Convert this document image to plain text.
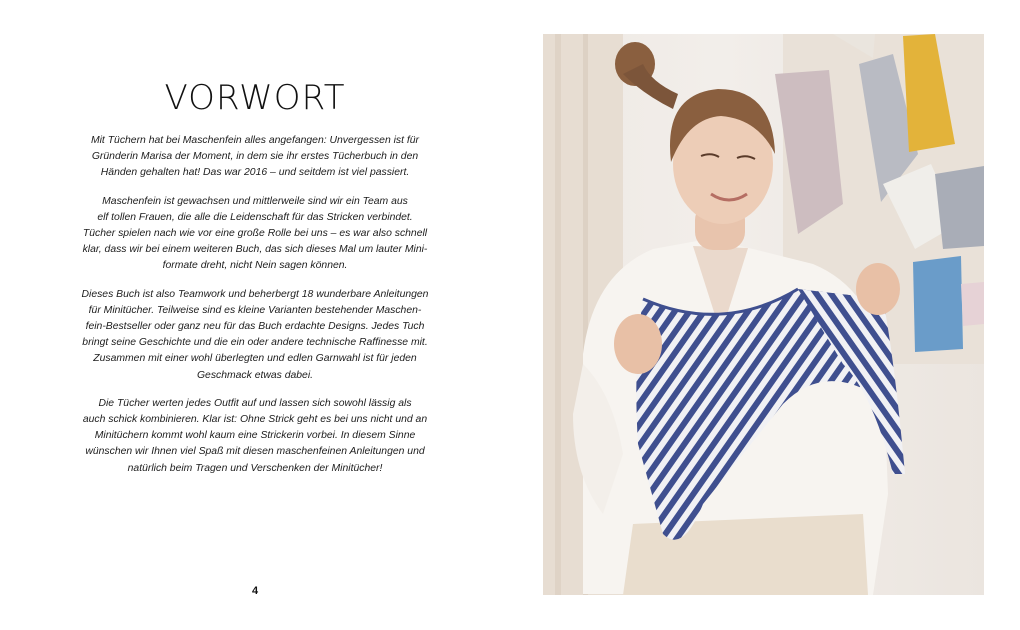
VORWORT

Mit Tüchern hat bei Maschenfein alles angefangen: Unvergessen ist für
Gründerin Marisa der Moment, in dem sie ihr erstes Tücherbuch in den
Händen gehalten hat! Das war 2016 – und seitdem ist viel passiert.

Maschenfein ist gewachsen und mittlerweile sind wir ein Team aus
elf tollen Frauen, die alle die Leidenschaft für das Stricken verbindet.
Tücher spielen nach wie vor eine große Rolle bei uns – es war also schnell
klar, dass wir bei einem weiteren Buch, das sich dieses Mal um lauter Mini-
formate dreht, nicht Nein sagen können.

Dieses Buch ist also Teamwork und beherbergt 18 wunderbare Anleitungen
für Minitücher. Teilweise sind es kleine Varianten bestehender Maschen-
fein-Bestseller oder ganz neu für das Buch erdachte Designs. Jedes Tuch
bringt seine Geschichte und die ein oder andere technische Raffinesse mit.
Zusammen mit einer wohl überlegten und edlen Garnwahl ist für jeden
Geschmack etwas dabei.

Die Tücher werten jedes Outfit auf und lassen sich sowohl lässig als
auch schick kombinieren. Klar ist: Ohne Strick geht es bei uns nicht und an
Minitüchern kommt wohl kaum eine Strickerin vorbei. In diesem Sinne
wünschen wir Ihnen viel Spaß mit diesen maschenfeinen Anleitungen und
natürlich beim Tragen und Verschenken der Minitücher!

4
